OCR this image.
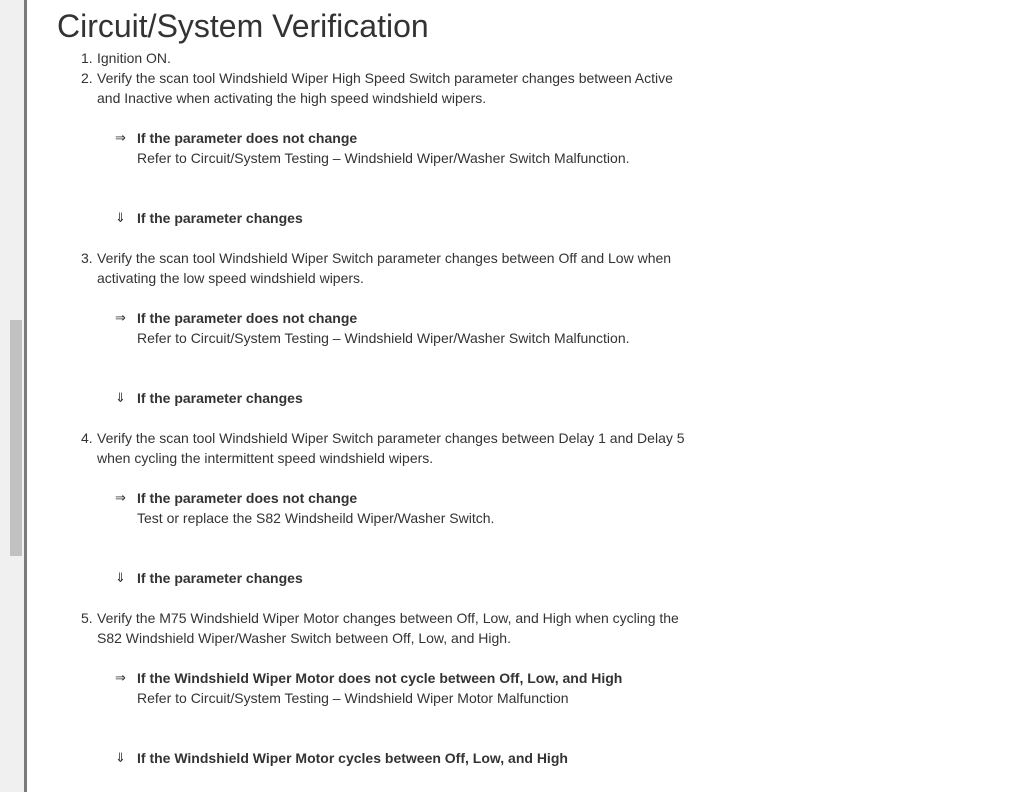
Circuit/System Verification
1. Ignition ON.
2. Verify the scan tool Windshield Wiper High Speed Switch parameter changes between Active and Inactive when activating the high speed windshield wipers.
⇒ If the parameter does not change
Refer to Circuit/System Testing – Windshield Wiper/Washer Switch Malfunction.
⇓ If the parameter changes
3. Verify the scan tool Windshield Wiper Switch parameter changes between Off and Low when activating the low speed windshield wipers.
⇒ If the parameter does not change
Refer to Circuit/System Testing – Windshield Wiper/Washer Switch Malfunction.
⇓ If the parameter changes
4. Verify the scan tool Windshield Wiper Switch parameter changes between Delay 1 and Delay 5 when cycling the intermittent speed windshield wipers.
⇒ If the parameter does not change
Test or replace the S82 Windsheild Wiper/Washer Switch.
⇓ If the parameter changes
5. Verify the M75 Windshield Wiper Motor changes between Off, Low, and High when cycling the S82 Windshield Wiper/Washer Switch between Off, Low, and High.
⇒ If the Windshield Wiper Motor does not cycle between Off, Low, and High
Refer to Circuit/System Testing – Windshield Wiper Motor Malfunction
⇓ If the Windshield Wiper Motor cycles between Off, Low, and High
